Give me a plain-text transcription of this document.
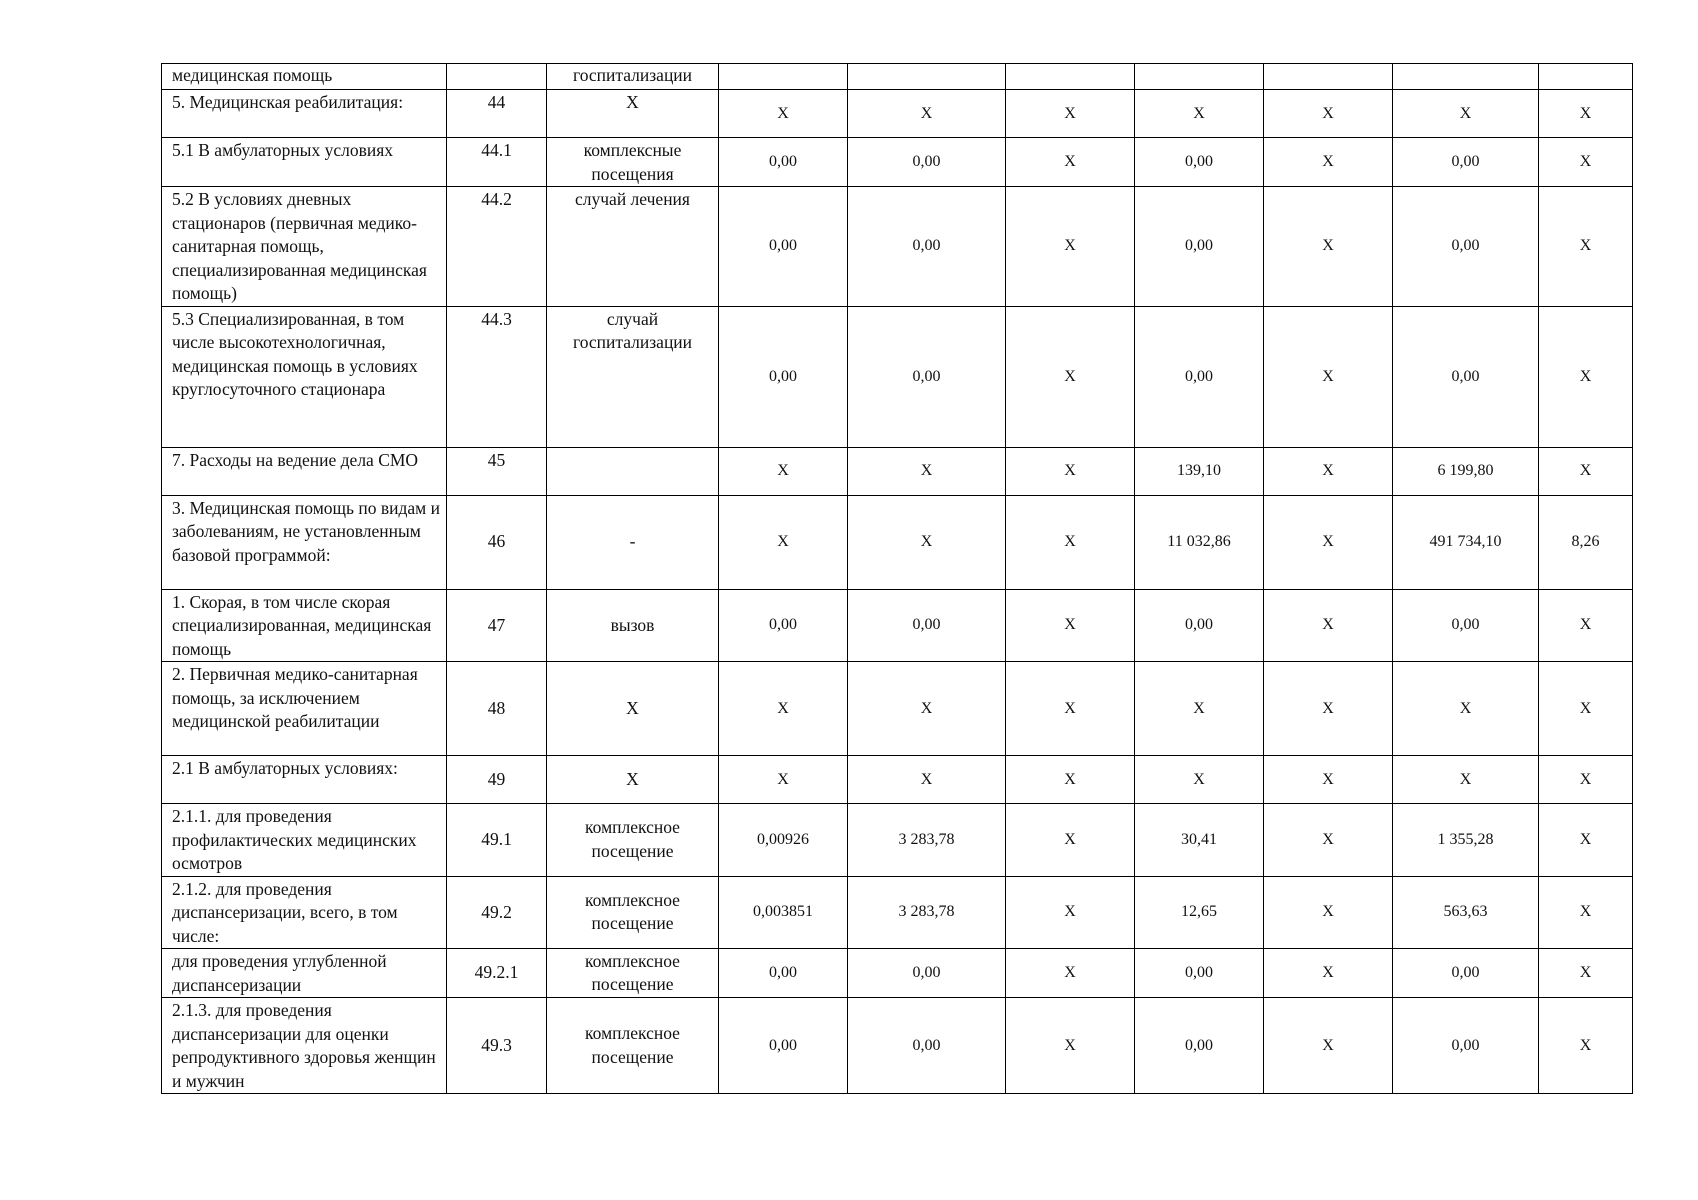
медицинская помощь		госпитализации							
5. Медицинская реабилитация:	44	X	X	X	X	X	X	X	X
5.1 В амбулаторных условиях	44.1	комплексные посещения	0,00	0,00	X	0,00	X	0,00	X
5.2 В условиях дневных стационаров (первичная медико-санитарная помощь, специализированная медицинская помощь)	44.2	случай лечения	0,00	0,00	X	0,00	X	0,00	X
5.3 Специализированная, в том числе высокотехнологичная, медицинская помощь в условиях круглосуточного стационара	44.3	случай госпитализации	0,00	0,00	X	0,00	X	0,00	X
7. Расходы на ведение дела СМО	45		X	X	X	139,10	X	6 199,80	X
3. Медицинская помощь по видам и заболеваниям, не установленным базовой программой:	46	-	X	X	X	11 032,86	X	491 734,10	8,26
1. Скорая, в том числе скорая специализированная, медицинская помощь	47	вызов	0,00	0,00	X	0,00	X	0,00	X
2. Первичная медико-санитарная помощь, за исключением медицинской реабилитации	48	X	X	X	X	X	X	X	X
2.1 В амбулаторных условиях:	49	X	X	X	X	X	X	X	X
2.1.1. для проведения профилактических медицинских осмотров	49.1	комплексное посещение	0,00926	3 283,78	X	30,41	X	1 355,28	X
2.1.2. для проведения диспансеризации, всего, в том числе:	49.2	комплексное посещение	0,003851	3 283,78	X	12,65	X	563,63	X
для проведения углубленной диспансеризации	49.2.1	комплексное посещение	0,00	0,00	X	0,00	X	0,00	X
2.1.3. для проведения диспансеризации для оценки репродуктивного здоровья женщин и мужчин	49.3	комплексное посещение	0,00	0,00	X	0,00	X	0,00	X
